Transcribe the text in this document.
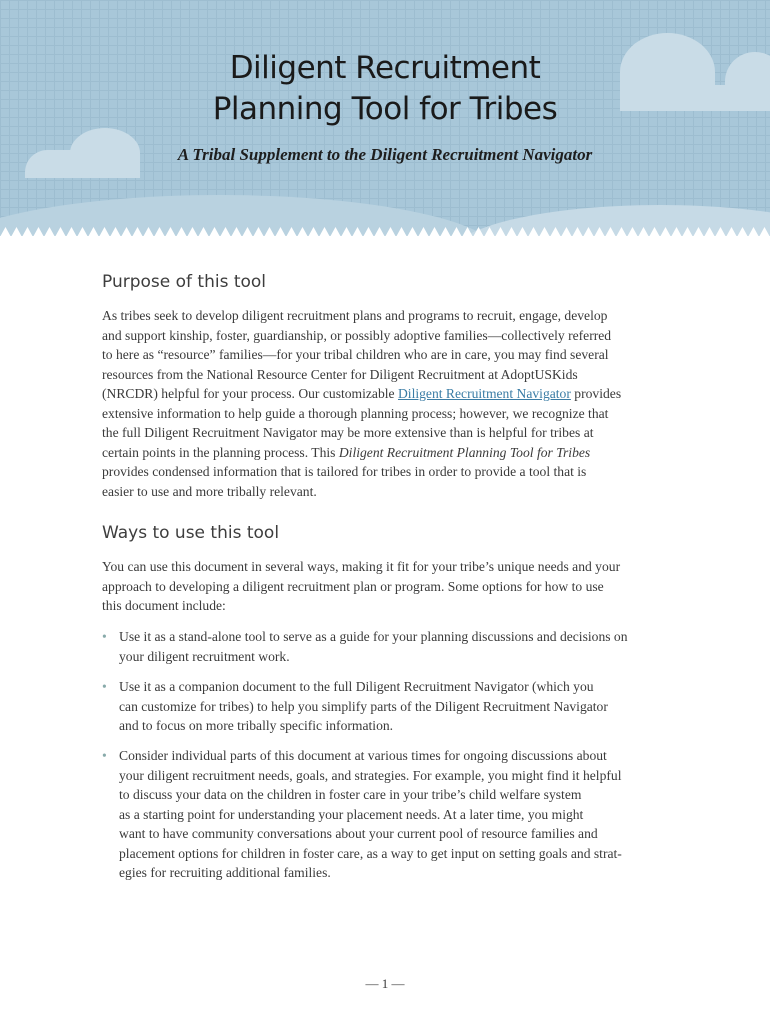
Diligent Recruitment
Planning Tool for Tribes
A Tribal Supplement to the Diligent Recruitment Navigator
Purpose of this tool
As tribes seek to develop diligent recruitment plans and programs to recruit, engage, develop
and support kinship, foster, guardianship, or possibly adoptive families—collectively referred
to here as “resource” families—for your tribal children who are in care, you may find several
resources from the National Resource Center for Diligent Recruitment at AdoptUSKids
(NRCDR) helpful for your process. Our customizable Diligent Recruitment Navigator provides
extensive information to help guide a thorough planning process; however, we recognize that
the full Diligent Recruitment Navigator may be more extensive than is helpful for tribes at
certain points in the planning process. This Diligent Recruitment Planning Tool for Tribes
provides condensed information that is tailored for tribes in order to provide a tool that is
easier to use and more tribally relevant.
Ways to use this tool
You can use this document in several ways, making it fit for your tribe’s unique needs and your
approach to developing a diligent recruitment plan or program. Some options for how to use
this document include:
• Use it as a stand-alone tool to serve as a guide for your planning discussions and decisions on
your diligent recruitment work.
• Use it as a companion document to the full Diligent Recruitment Navigator (which you
can customize for tribes) to help you simplify parts of the Diligent Recruitment Navigator
and to focus on more tribally specific information.
• Consider individual parts of this document at various times for ongoing discussions about
your diligent recruitment needs, goals, and strategies. For example, you might find it helpful
to discuss your data on the children in foster care in your tribe’s child welfare system
as a starting point for understanding your placement needs. At a later time, you might
want to have community conversations about your current pool of resource families and
placement options for children in foster care, as a way to get input on setting goals and strat-
egies for recruiting additional families.
— 1 —
